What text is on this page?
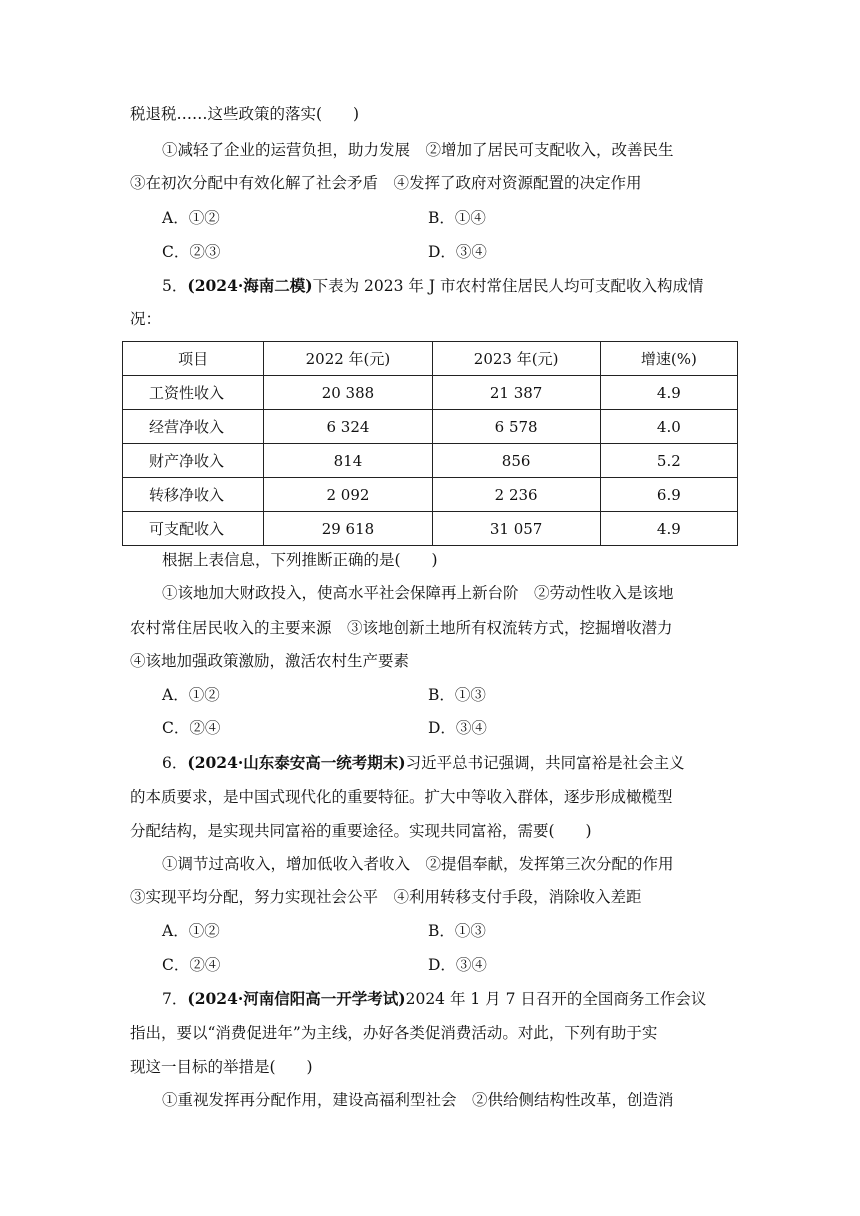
税退税……这些政策的落实(　　)
①减轻了企业的运营负担，助力发展　②增加了居民可支配收入，改善民生
③在初次分配中有效化解了社会矛盾　④发挥了政府对资源配置的决定作用
A．①②	B．①④
C．②③	D．③④
5．(2024·海南二模)下表为 2023 年 J 市农村常住居民人均可支配收入构成情
况：
项目	2022 年(元)	2023 年(元)	增速(%)
工资性收入	20 388	21 387	4.9
经营净收入	6 324	6 578	4.0
财产净收入	814	856	5.2
转移净收入	2 092	2 236	6.9
可支配收入	29 618	31 057	4.9
根据上表信息，下列推断正确的是(　　)
①该地加大财政投入，使高水平社会保障再上新台阶　②劳动性收入是该地
农村常住居民收入的主要来源　③该地创新土地所有权流转方式，挖掘增收潜力
④该地加强政策激励，激活农村生产要素
A．①②	B．①③
C．②④	D．③④
6．(2024·山东泰安高一统考期末)习近平总书记强调，共同富裕是社会主义
的本质要求，是中国式现代化的重要特征。扩大中等收入群体，逐步形成橄榄型
分配结构，是实现共同富裕的重要途径。实现共同富裕，需要(　　)
①调节过高收入，增加低收入者收入　②提倡奉献，发挥第三次分配的作用
③实现平均分配，努力实现社会公平　④利用转移支付手段，消除收入差距
A．①②	B．①③
C．②④	D．③④
7．(2024·河南信阳高一开学考试)2024 年 1 月 7 日召开的全国商务工作会议
指出，要以“消费促进年”为主线，办好各类促消费活动。对此，下列有助于实
现这一目标的举措是(　　)
①重视发挥再分配作用，建设高福利型社会　②供给侧结构性改革，创造消
